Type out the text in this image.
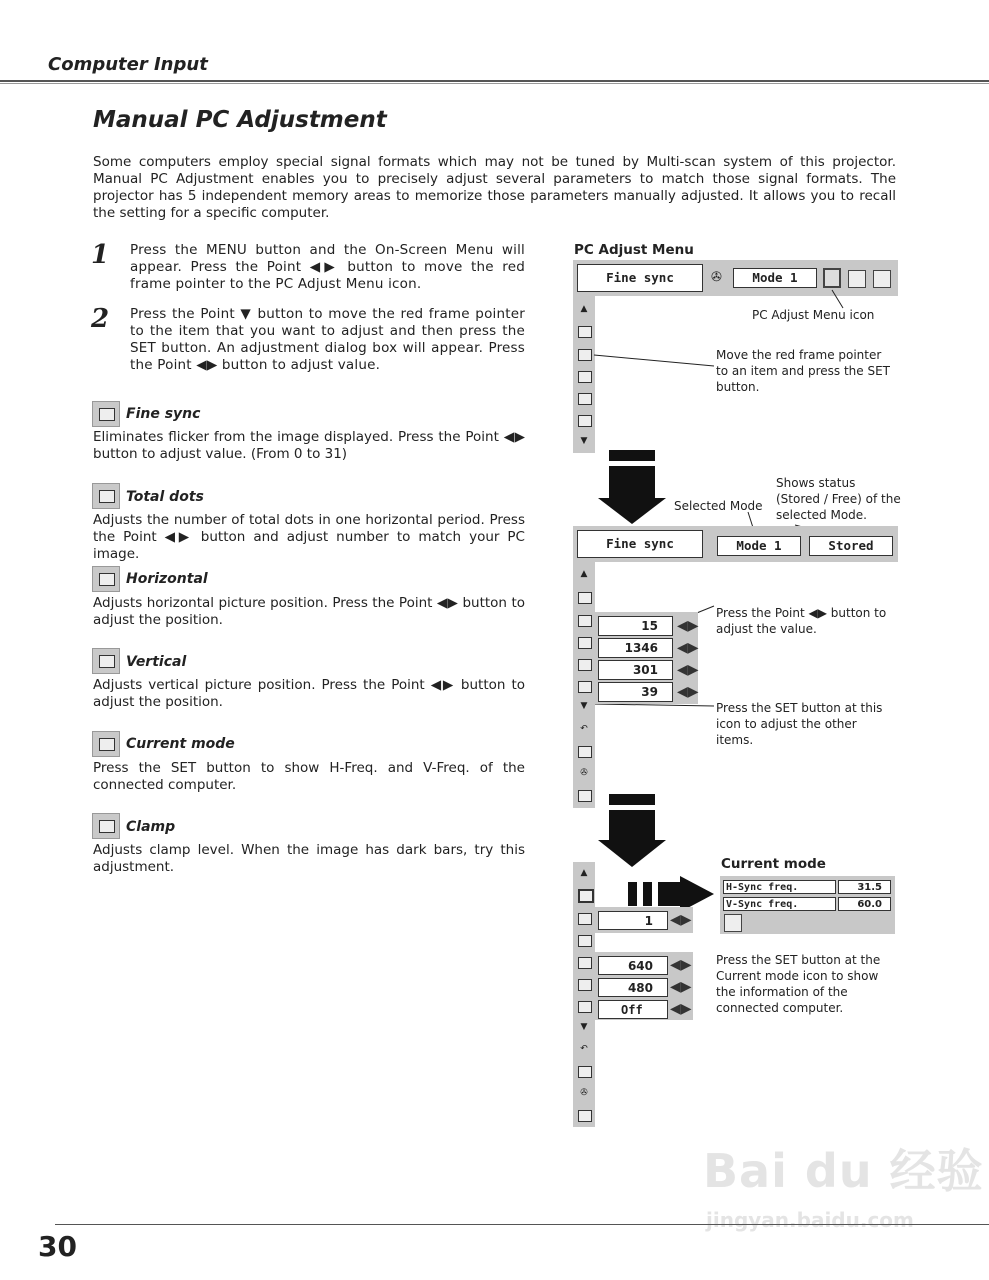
Computer Input
Manual PC Adjustment

Some computers employ special signal formats which may not be tuned by Multi-scan system of this projector. Manual PC Adjustment enables you to precisely adjust several parameters to match those signal formats. The projector has 5 independent memory areas to memorize those parameters manually adjusted. It allows you to recall the setting for a specific computer.

1 Press the MENU button and the On-Screen Menu will appear. Press the Point ◀▶ button to move the red frame pointer to the PC Adjust Menu icon.

2 Press the Point ▼ button to move the red frame pointer to the item that you want to adjust and then press the SET button. An adjustment dialog box will appear. Press the Point ◀▶ button to adjust value.

Fine sync

Eliminates flicker from the image displayed. Press the Point ◀▶ button to adjust value. (From 0 to 31)

Total dots

Adjusts the number of total dots in one horizontal period. Press the Point ◀▶ button and adjust number to match your PC image.

Horizontal

Adjusts horizontal picture position. Press the Point ◀▶ button to adjust the position.

Vertical

Adjusts vertical picture position. Press the Point ◀▶ button to adjust the position.

Current mode

Press the SET button to show H-Freq. and V-Freq. of the connected computer.

Clamp

Adjusts clamp level. When the image has dark bars, try this adjustment.

PC Adjust Menu
Fine sync	✇	Mode 1
▲
▼
PC Adjust Menu icon

Move the red frame pointer to an item and press the SET button.

Shows status (Stored / Free) of the selected Mode.

Selected Mode
Fine sync	Mode 1	Stored
▲
▼
↶
✇
15	◀▶
1346	◀▶
301	◀▶
39	◀▶

Press the Point ◀▶ button to adjust the value.

Press the SET button at this icon to adjust the other items.

▲
▼
↶
✇
1	◀▶
640	◀▶
480	◀▶
Off	◀▶
Current mode
H-Sync freq.	31.5
V-Sync freq.	60.0

Press the SET button at the Current mode icon to show the information of the connected computer.

Bai du 经验
jingyan.baidu.com
30
